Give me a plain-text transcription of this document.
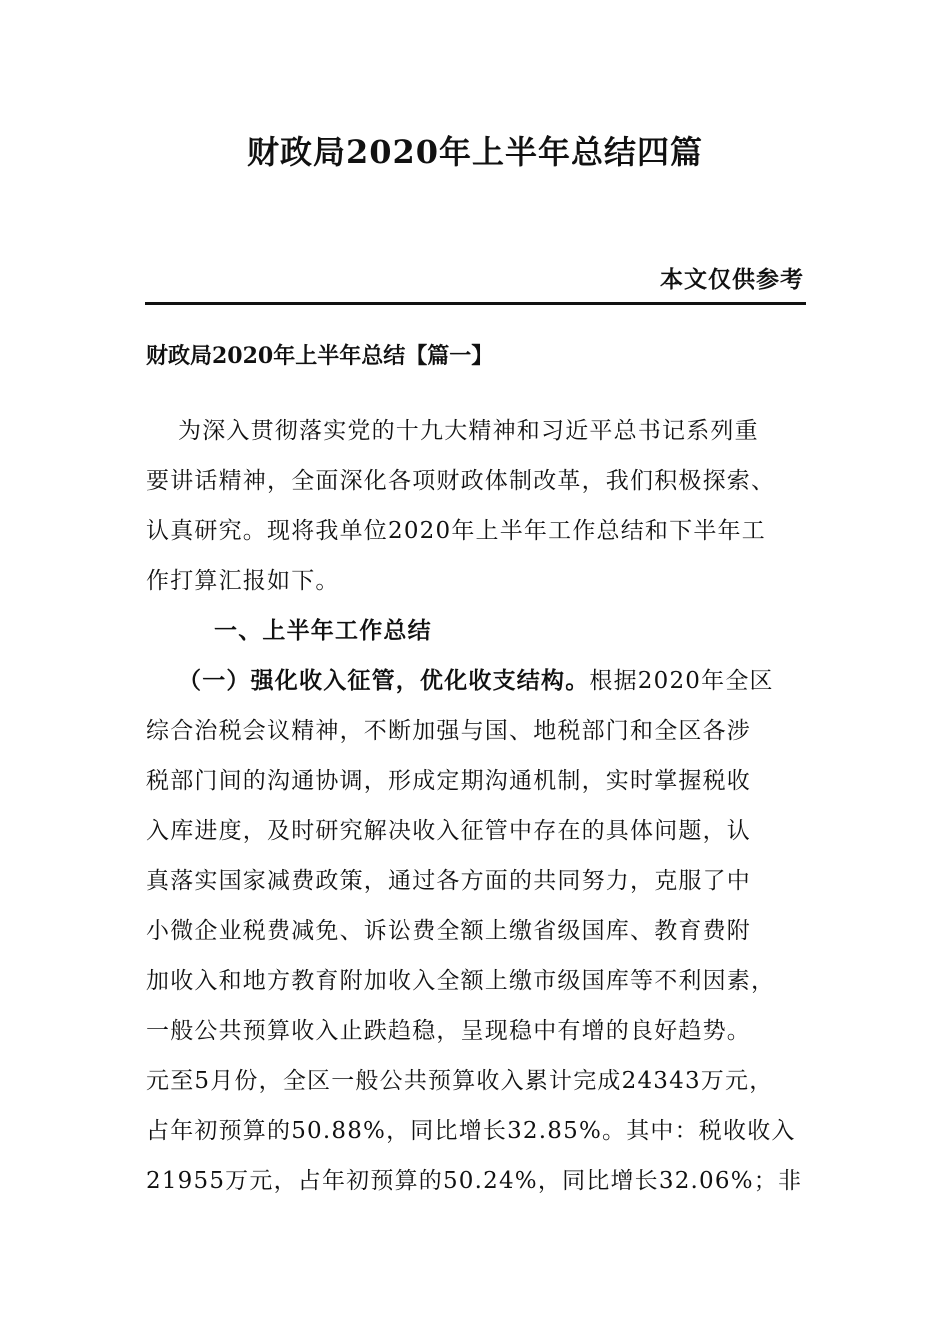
财政局2020年上半年总结四篇
本文仅供参考
财政局2020年上半年总结【篇一】
为深入贯彻落实党的十九大精神和习近平总书记系列重
要讲话精神，全面深化各项财政体制改革，我们积极探索、
认真研究。现将我单位2020年上半年工作总结和下半年工
作打算汇报如下。
一、上半年工作总结
（一）强化收入征管，优化收支结构。根据2020年全区
综合治税会议精神，不断加强与国、地税部门和全区各涉
税部门间的沟通协调，形成定期沟通机制，实时掌握税收
入库进度，及时研究解决收入征管中存在的具体问题，认
真落实国家减费政策，通过各方面的共同努力，克服了中
小微企业税费减免、诉讼费全额上缴省级国库、教育费附
加收入和地方教育附加收入全额上缴市级国库等不利因素，
一般公共预算收入止跌趋稳，呈现稳中有增的良好趋势。
元至5月份，全区一般公共预算收入累计完成24343万元，
占年初预算的50.88%，同比增长32.85%。其中：税收收入
21955万元，占年初预算的50.24%，同比增长32.06%；非
